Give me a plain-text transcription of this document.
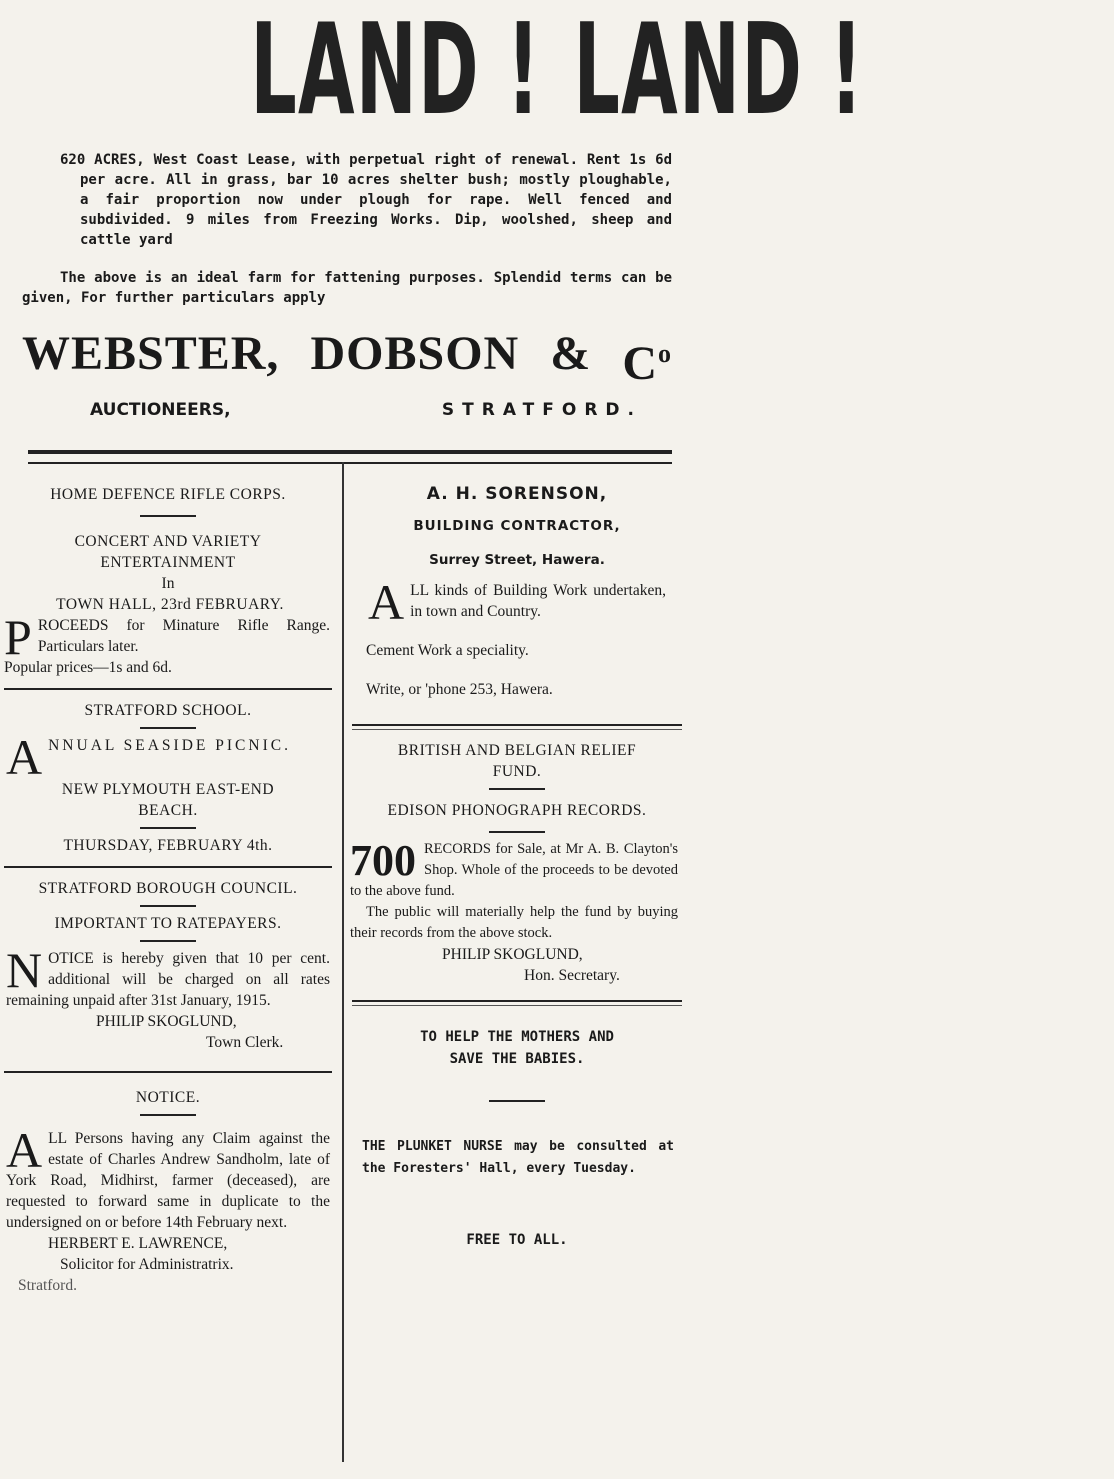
LAND ! LAND !

620 ACRES, West Coast Lease, with perpetual right of renewal. Rent 1s 6d per acre. All in grass, bar 10 acres shelter bush; mostly ploughable, a fair proportion now under plough for rape. Well fenced and subdivided. 9 miles from Freezing Works. Dip, woolshed, sheep and cattle yard

The above is an ideal farm for fattening purposes. Splendid terms can be given, For further particulars apply

WEBSTER, DOBSON & $C^o$
AUCTIONEERS,	STRATFORD.
HOME DEFENCE RIFLE CORPS.
CONCERT AND VARIETY
ENTERTAINMENT
In
TOWN HALL, 23rd FEBRUARY.
PROCEEDS for Minature Rifle Range. Particulars later.
Popular prices—1s and 6d.
STRATFORD SCHOOL.
ANNUAL SEASIDE PICNIC.
NEW PLYMOUTH EAST-END
BEACH.
THURSDAY, FEBRUARY 4th.
STRATFORD BOROUGH COUNCIL.
IMPORTANT TO RATEPAYERS.
NOTICE is hereby given that 10 per cent. additional will be charged on all rates remaining unpaid after 31st January, 1915.
PHILIP SKOGLUND,
Town Clerk.
NOTICE.
ALL Persons having any Claim against the estate of Charles Andrew Sandholm, late of York Road, Midhirst, farmer (deceased), are requested to forward same in duplicate to the undersigned on or before 14th February next.
HERBERT E. LAWRENCE,
Solicitor for Administratrix.
Stratford.
A. H. SORENSON,
BUILDING CONTRACTOR,
Surrey Street, Hawera.
ALL kinds of Building Work undertaken, in town and Country.
Cement Work a speciality.
Write, or 'phone 253, Hawera.
BRITISH AND BELGIAN RELIEF
FUND.
EDISON PHONOGRAPH RECORDS.
700 RECORDS for Sale, at Mr A. B. Clayton's Shop. Whole of the proceeds to be devoted to the above fund.
The public will materially help the fund by buying their records from the above stock.
PHILIP SKOGLUND,
Hon. Secretary.
TO HELP THE MOTHERS AND
SAVE THE BABIES.
THE PLUNKET NURSE may be consulted at the Foresters' Hall, every Tuesday.
FREE TO ALL.
